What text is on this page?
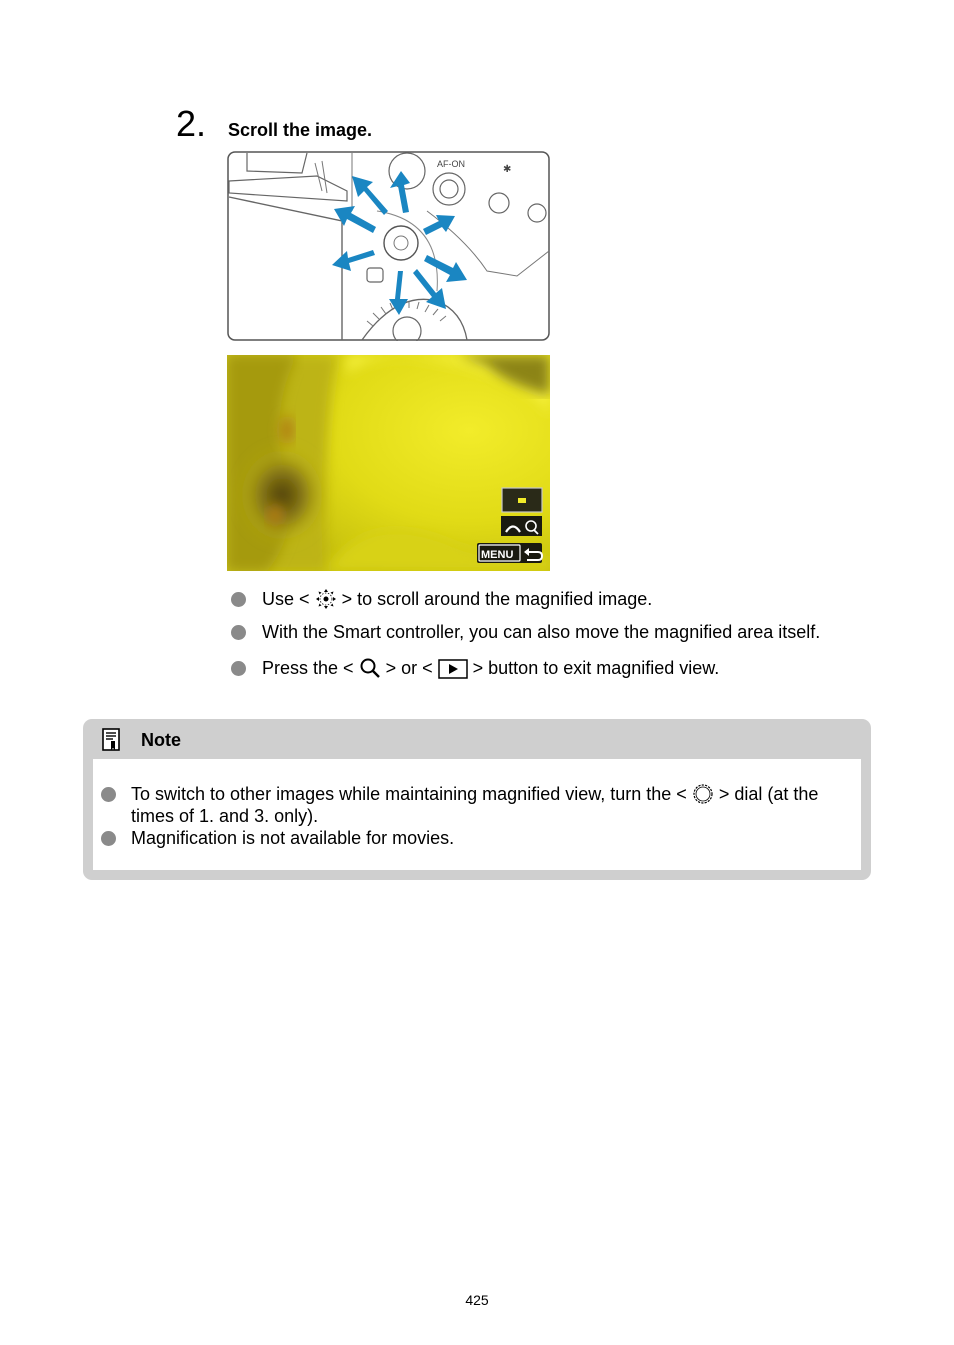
2. Scroll the image.
AF-ON	✱
MENU
Use < > to scroll around the magnified image.
With the Smart controller, you can also move the magnified area itself.
Press the < > or < > button to exit magnified view.
Note
To switch to other images while maintaining magnified view, turn the < > dial (at the times of 1. and 3. only).
Magnification is not available for movies.
425
